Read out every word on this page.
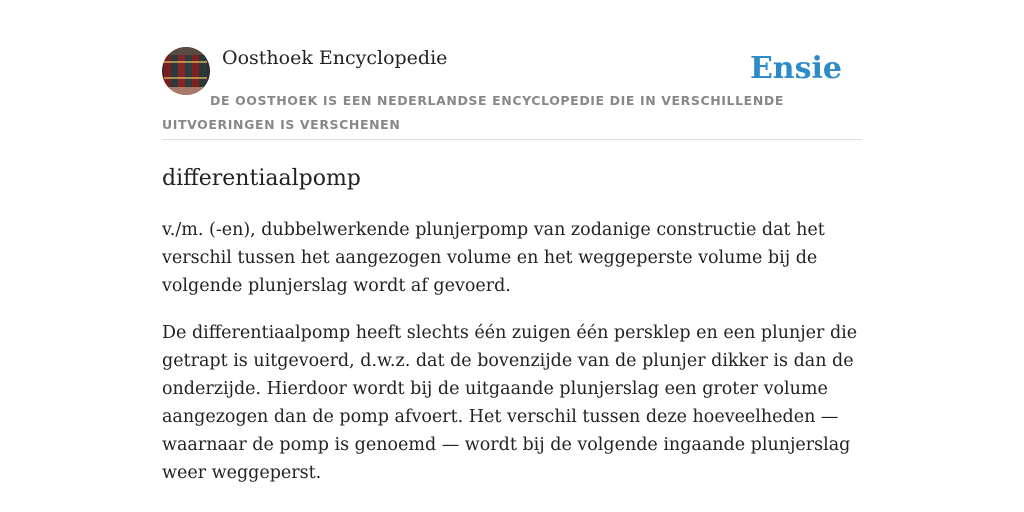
Oosthoek Encyclopedie	Ensie
DE OOSTHOEK IS EEN NEDERLANDSE ENCYCLOPEDIE DIE IN VERSCHILLENDE UITVOERINGEN IS VERSCHENEN
differentiaalpomp

v./m. (-en), dubbelwerkende plunjerpomp van zodanige constructie dat het verschil tussen het aangezogen volume en het weggeperste volume bij de volgende plunjerslag wordt af gevoerd.

De differentiaalpomp heeft slechts één zuigen één persklep en een plunjer die getrapt is uitgevoerd, d.w.z. dat de bovenzijde van de plunjer dikker is dan de onderzijde. Hierdoor wordt bij de uitgaande plunjerslag een groter volume aangezogen dan de pomp afvoert. Het verschil tussen deze hoeveelheden — waarnaar de pomp is genoemd — wordt bij de volgende ingaande plunjerslag weer weggeperst.
